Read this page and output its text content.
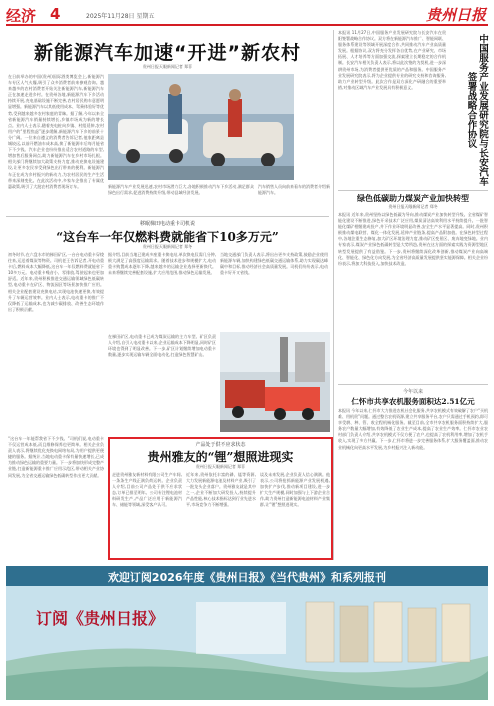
经济 4	2025年11月28日 星期五	贵州日报
新能源汽车加速“开进”新农村
贵州日报天眼新闻记者 郑菲
在日前举办的中国(贵州)国际酒类博览会上,新能源汽车专区人气火爆,吸引了众多消费者前来参观咨询。越来越多的农村消费者开始关注新能源汽车,新能源汽车正在加速走进乡村。在贵州各地,新能源汽车下乡活动持续开展,充电基础设施不断完善,农村居民购车意愿明显增强。新能源汽车以其低使用成本、驾乘体验好等优势,受到越来越多农村家庭的青睐。据了解,今年以来全省新能源汽车销量持续增长,乡镇市场成为新的增长点。业内人士表示,随着充电桩向乡镇、村组延伸,农村用户的“里程焦虑”逐步缓解,新能源汽车下乡的前景十分广阔。一位来自遵义的消费者告诉记者,他家距离县城较远,以前开燃油车成本高,换了新能源车后每月能省下不少钱。汽车企业也纷纷推出适合农村道路的车型,增加售后服务网点,助力新能源汽车在乡村市场扎根。相关部门将继续加大政策支持力度,推动充换电设施建设,让更多农民享受到绿色出行带来的便利。新能源汽车正在成为乡村振兴的新动力,为农村居民的生产生活带来深刻变化。在此次活动中,多家车企推出了专属优惠政策,吸引了大批农村消费者现场订车。	汽车销售人员向前来看车的消费者介绍新能源汽车。
新能源汽车产业发展迅速,农村市场潜力巨大,各地积极推动汽车下乡活动,满足群众绿色出行需求,促进消费持续升级,带动县域经济发展。
本报讯 11月27日,中国服务产业发展研究院与长安汽车在贵阳签署战略合作协议。双方将在新能源汽车推广、智能网联、服务体系建设等领域开展深度合作,共同推动汽车产业高质量发展。根据协议,双方将充分发挥各自优势,在产业研究、市场拓展、人才培养等方面加强交流,探索建立长期稳定的合作机制。长安汽车相关负责人表示,将以此次签约为契机,进一步深耕贵州市场,为消费者提供更优质的产品和服务。中国服务产业发展研究院表示,将为企业提供专业的研究支持和咨询服务,助力产业转型升级。此次合作是双方深化产研融合的重要举措,对推动区域汽车产业发展具有积极意义。	中国服务产业发展研究院与长安汽车签署战略合作协议
移眠梯田电动重卡司机说
“这台车一年仅燃料费就能省下10多万元”
贵州日报天眼新闻记者 郑冬
初冬时节,在六盘水市的梯田矿区,一台台电动重卡穿梭往来,运送着煤炭等物资。司机老王告诉记者,开电动重卡后,燃料成本大幅降低,这台车一年仅燃料费就能省下10多万元。电动重卡噪音小、零排放,驾驶起来也更加舒适。近年来,贵州积极推进交通运输领域绿色低碳转型,电动重卡在矿区、物流园区等场景加快推广应用。相关企业配套建设充换电站,实现电池快速更换,有效提升了车辆运营效率。业内人士表示,电动重卡的推广不仅降低了运输成本,也为减少碳排放、改善生态环境作出了积极贡献。
据介绍,目前当地已建成多座重卡换电站,单次换电仅需几分钟,极大满足了高强度运输需求。随着技术进步和规模扩大,电动重卡购置成本逐年下降,越来越多的运输企业选择更新换代。未来将继续完善配套设施,扩大应用范围,推动绿色运输发展。
当地交通部门负责人表示,将出台更多支持政策,鼓励企业使用新能源车辆,加快构建绿色低碳交通运输体系,助力实现碳达峰碳中和目标,推动经济社会高质量发展。司机们纷纷表示,电动重卡好开又省钱。
在梯田矿区,电动重卡已成为煤炭运输的主力车型。矿区负责人介绍,自引入电动重卡以来,企业运输成本下降明显,同时矿区环境也得到了明显改善。下一步,矿区计划继续增加电动重卡数量,逐步实现运输车辆全面电动化,打造绿色智慧矿山。
绿色低碳助力煤炭产业加快转型
贵州日报天眼新闻记者 郑冬
本报讯 近年来,贵州坚持以绿色低碳为导向,推动煤炭产业加快转型升级。全省煤矿智能化建设不断推进,绿色开采技术广泛应用,煤炭清洁高效利用水平持续提升。一批智能化煤矿相继建成投产,井下作业环境明显改善,安全生产水平显著提高。同时,贵州积极推动煤电联营、煤化一体化发展,延伸产业链条,提高产品附加值。在绿色转型过程中,各地注重生态修复,加大矿区环境治理力度,推动矿区变景区、废弃地变绿地。业内专家表示,煤炭产业绿色低碳转型是大势所趋,贵州在这方面的探索实践为资源型地区转型发展提供了有益借鉴。下一步,贵州将继续深化改革创新,推动煤炭产业向高端化、智能化、绿色化方向发展,为全省经济高质量发展提供坚实能源保障。相关企业纷纷表示,将加大科技投入,加快技术改造。
今年以来
仁怀市共享农机服务面积达2.51亿元
本报讯 今年以来,仁怀市大力推进农机社会化服务,共享农机模式有效破解了农户“买机难、用机贵”问题。通过整合农机资源,建立共享服务平台,农户只需通过手机预约,即可享受耕、种、管、收全程机械化服务。截至目前,全市共享农机服务面积持续扩大,服务农户数量大幅增加,有效降低了农业生产成本,提高了农业生产效率。仁怀市农业农村部门负责人介绍,共享农机模式不仅方便了农户,也提高了农机利用率,增加了农机手收入,实现了多方共赢。下一步,仁怀市将进一步完善服务体系,扩大服务覆盖面,推动农业机械化向更高水平发展,为乡村振兴注入新动能。
产品处于供不应求状态
贵州雅友的“锂”想照进现实
贵州日报天眼新闻记者 郑菲
走进贵州雅友新材料有限公司生产车间,一条条生产线正满负荷运转。企业负责人介绍,目前公司产品处于供不应求状态,订单已排至明年。公司专注锂电池材料研发生产,产品广泛应用于新能源汽车、储能等领域,深受客户认可。
近年来,贵州依托丰富的磷、锰等资源,大力发展新能源电池及材料产业,吸引了一批龙头企业落户。贵州雅友就是其中之一,企业不断加大研发投入,持续提升产品性能,核心技术指标达到行业先进水平,市场竞争力不断增强。
谈及未来发展,企业负责人信心满满。他表示,公司将抢抓新能源产业发展机遇,加快扩产步伐,推动新项目建设,进一步扩大生产规模,同时加强与上下游企业合作,助力贵州打造新能源电池材料产业集群,让“锂”想照进现实。
“这台车一年能帮我省下不少钱。”司机们说,电动重卡不仅运营成本低,而且维修保养也更简单。相关企业负责人表示,将继续优化充换电网络布局,为用户提供更便捷的服务。据统计,当地电动重卡保有量快速增长,已成为推动绿色运输的重要力量。下一步将加快形成完整产业链,打造新能源重卡推广应用示范区,带动相关产业协同发展,为全省交通运输绿色低碳转型作出更大贡献。
欢迎订阅2026年度《贵州日报》《当代贵州》和系列报刊
订阅《贵州日报》
